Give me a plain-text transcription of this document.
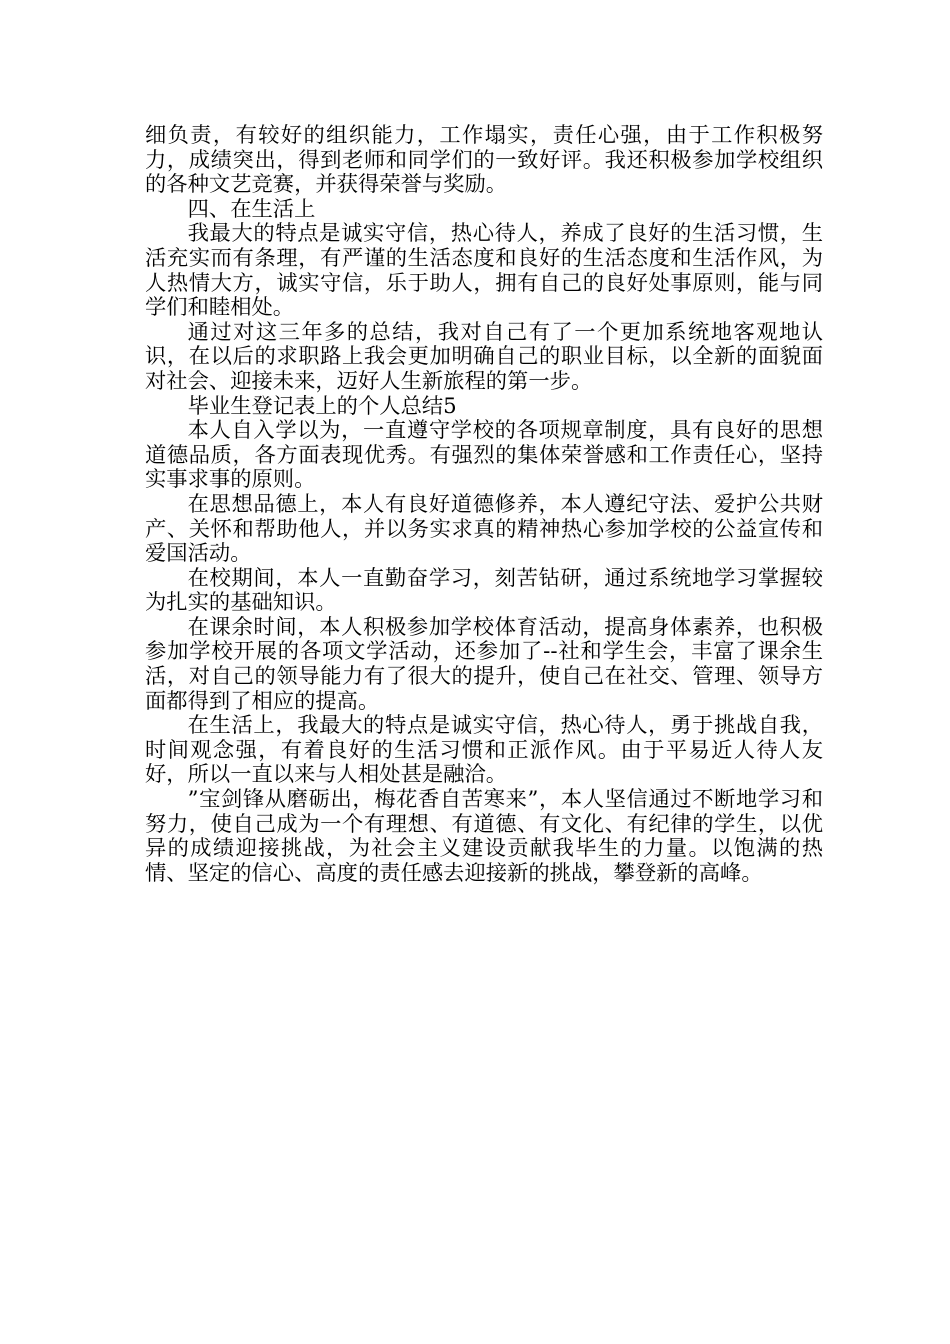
细负责，有较好的组织能力，工作塌实，责任心强，由于工作积极努力，成绩突出，得到老师和同学们的一致好评。我还积极参加学校组织的各种文艺竞赛，并获得荣誉与奖励。

四、在生活上

我最大的特点是诚实守信，热心待人，养成了良好的生活习惯，生活充实而有条理，有严谨的生活态度和良好的生活态度和生活作风，为人热情大方，诚实守信，乐于助人，拥有自己的良好处事原则，能与同学们和睦相处。

通过对这三年多的总结，我对自己有了一个更加系统地客观地认识，在以后的求职路上我会更加明确自己的职业目标，以全新的面貌面对社会、迎接未来，迈好人生新旅程的第一步。

毕业生登记表上的个人总结5

本人自入学以为，一直遵守学校的各项规章制度，具有良好的思想道德品质，各方面表现优秀。有强烈的集体荣誉感和工作责任心，坚持实事求事的原则。

在思想品德上，本人有良好道德修养，本人遵纪守法、爱护公共财产、关怀和帮助他人，并以务实求真的精神热心参加学校的公益宣传和爱国活动。

在校期间，本人一直勤奋学习，刻苦钻研，通过系统地学习掌握较为扎实的基础知识。

在课余时间，本人积极参加学校体育活动，提高身体素养，也积极参加学校开展的各项文学活动，还参加了--社和学生会，丰富了课余生活，对自己的领导能力有了很大的提升，使自己在社交、管理、领导方面都得到了相应的提高。

在生活上，我最大的特点是诚实守信，热心待人，勇于挑战自我，时间观念强，有着良好的生活习惯和正派作风。由于平易近人待人友好，所以一直以来与人相处甚是融洽。

”宝剑锋从磨砺出，梅花香自苦寒来”，本人坚信通过不断地学习和努力，使自己成为一个有理想、有道德、有文化、有纪律的学生，以优异的成绩迎接挑战，为社会主义建设贡献我毕生的力量。以饱满的热情、坚定的信心、高度的责任感去迎接新的挑战，攀登新的高峰。
